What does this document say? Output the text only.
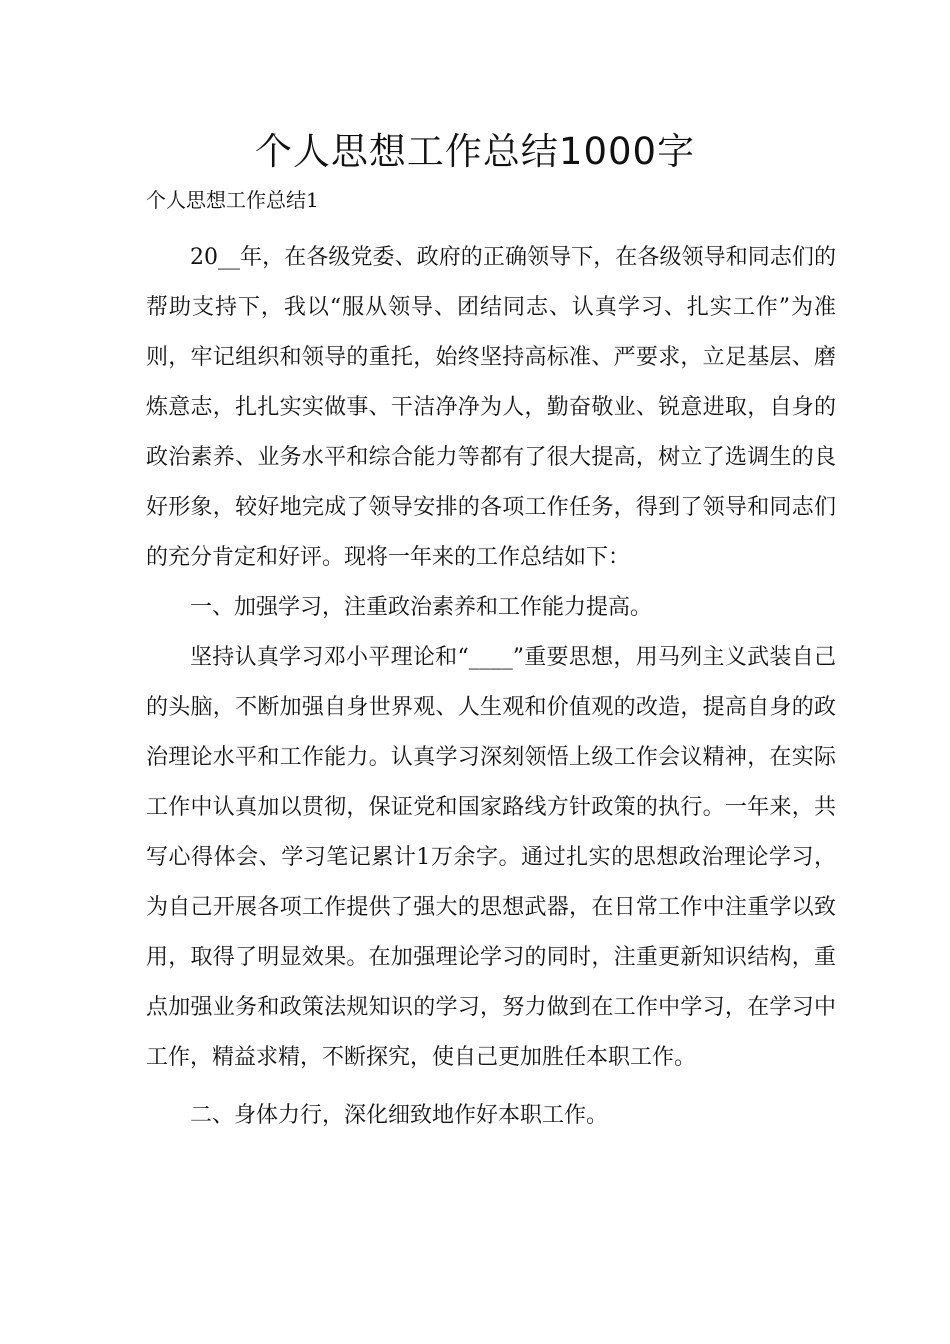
个人思想工作总结1000字
个人思想工作总结1

20__年，在各级党委、政府的正确领导下，在各级领导和同志们的帮助支持下，我以“服从领导、团结同志、认真学习、扎实工作”为准则，牢记组织和领导的重托，始终坚持高标准、严要求，立足基层、磨炼意志，扎扎实实做事、干洁净净为人，勤奋敬业、锐意进取，自身的政治素养、业务水平和综合能力等都有了很大提高，树立了选调生的良好形象，较好地完成了领导安排的各项工作任务，得到了领导和同志们的充分肯定和好评。现将一年来的工作总结如下：

一、加强学习，注重政治素养和工作能力提高。

坚持认真学习邓小平理论和“____”重要思想，用马列主义武装自己的头脑，不断加强自身世界观、人生观和价值观的改造，提高自身的政治理论水平和工作能力。认真学习深刻领悟上级工作会议精神，在实际工作中认真加以贯彻，保证党和国家路线方针政策的执行。一年来，共写心得体会、学习笔记累计1万余字。通过扎实的思想政治理论学习，为自己开展各项工作提供了强大的思想武器，在日常工作中注重学以致用，取得了明显效果。在加强理论学习的同时，注重更新知识结构，重点加强业务和政策法规知识的学习，努力做到在工作中学习，在学习中工作，精益求精，不断探究，使自己更加胜任本职工作。

二、身体力行，深化细致地作好本职工作。
